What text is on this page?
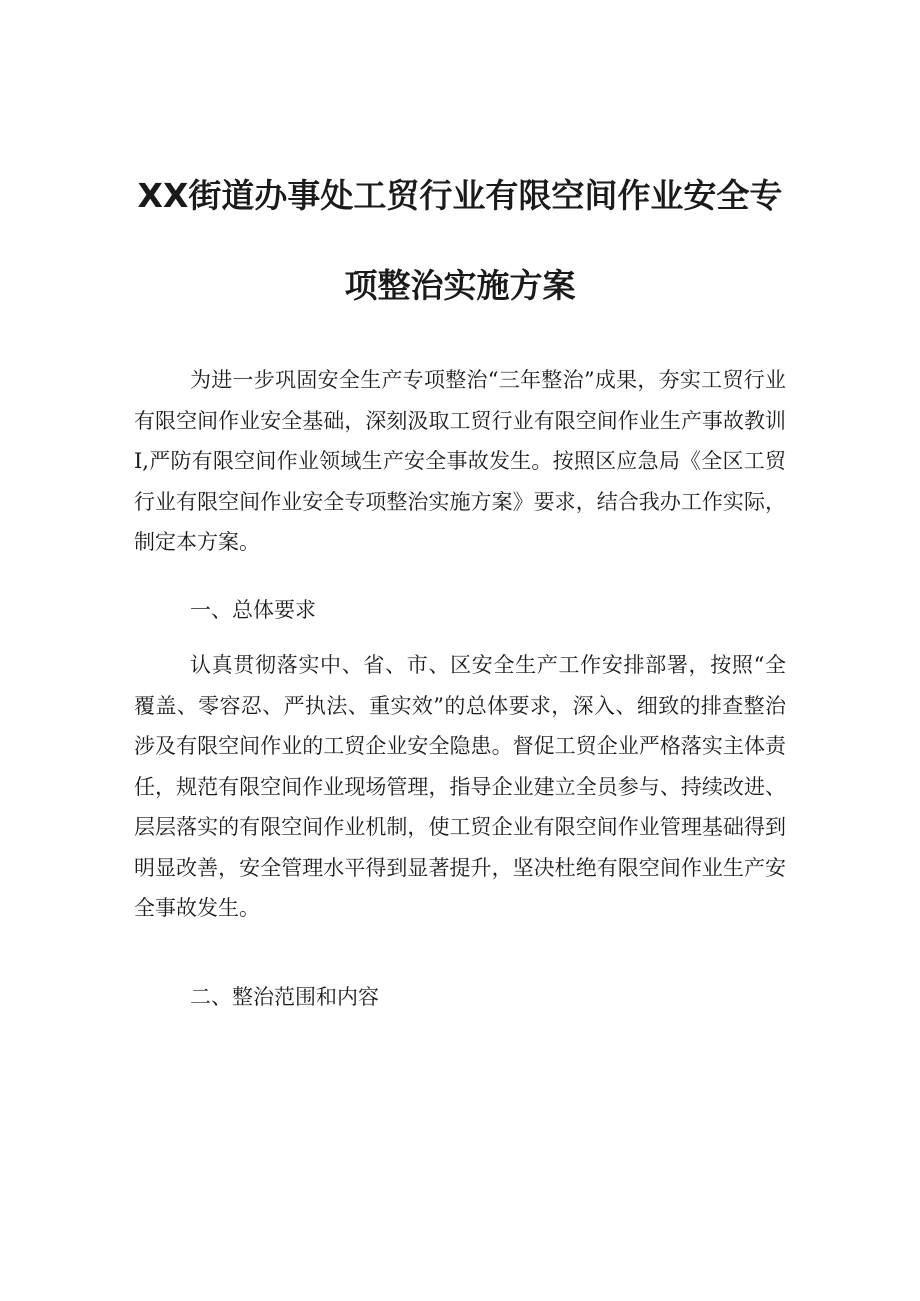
XX街道办事处工贸行业有限空间作业安全专
项整治实施方案
为进一步巩固安全生产专项整治“三年整治”成果，夯实工贸行业有限空间作业安全基础，深刻汲取工贸行业有限空间作业生产事故教训I,严防有限空间作业领域生产安全事故发生。按照区应急局《全区工贸行业有限空间作业安全专项整治实施方案》要求，结合我办工作实际，制定本方案。
一、总体要求
认真贯彻落实中、省、市、区安全生产工作安排部署，按照“全覆盖、零容忍、严执法、重实效”的总体要求，深入、细致的排查整治涉及有限空间作业的工贸企业安全隐患。督促工贸企业严格落实主体责任，规范有限空间作业现场管理，指导企业建立全员参与、持续改进、层层落实的有限空间作业机制，使工贸企业有限空间作业管理基础得到明显改善，安全管理水平得到显著提升，坚决杜绝有限空间作业生产安全事故发生。
二、整治范围和内容
